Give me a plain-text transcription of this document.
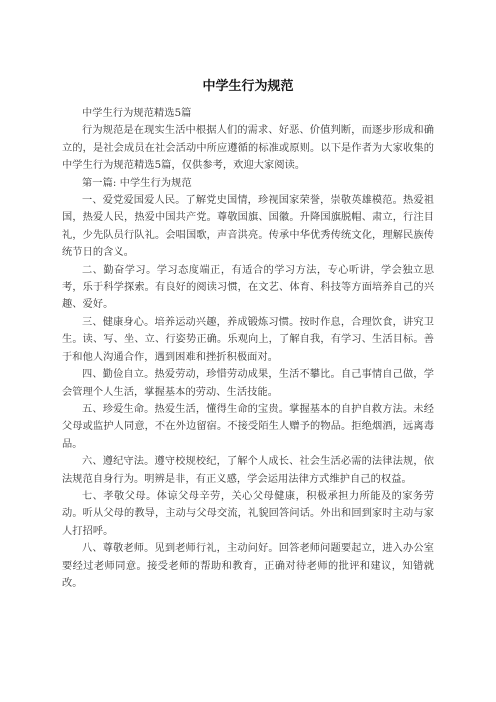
中学生行为规范

中学生行为规范精选5篇

行为规范是在现实生活中根据人们的需求、好恶、价值判断，而逐步形成和确立的，是社会成员在社会活动中所应遵循的标准或原则。以下是作者为大家收集的中学生行为规范精选5篇，仅供参考，欢迎大家阅读。

第一篇: 中学生行为规范

一、爱党爱国爱人民。了解党史国情，珍视国家荣誉，崇敬英雄模范。热爱祖国，热爱人民，热爱中国共产党。尊敬国旗、国徽。升降国旗脱帽、肃立，行注目礼，少先队员行队礼。会唱国歌，声音洪亮。传承中华优秀传统文化，理解民族传统节日的含义。

二、勤奋学习。学习态度端正，有适合的学习方法，专心听讲，学会独立思考，乐于科学探索。有良好的阅读习惯，在文艺、体育、科技等方面培养自己的兴趣、爱好。

三、健康身心。培养运动兴趣，养成锻炼习惯。按时作息，合理饮食，讲究卫生。读、写、坐、立、行姿势正确。乐观向上，了解自我，有学习、生活目标。善于和他人沟通合作，遇到困难和挫折积极面对。

四、勤俭自立。热爱劳动，珍惜劳动成果，生活不攀比。自己事情自己做，学会管理个人生活，掌握基本的劳动、生活技能。

五、珍爱生命。热爱生活，懂得生命的宝贵。掌握基本的自护自救方法。未经父母或监护人同意，不在外边留宿。不接受陌生人赠予的物品。拒绝烟酒，远离毒品。

六、遵纪守法。遵守校规校纪，了解个人成长、社会生活必需的法律法规，依法规范自身行为。明辨是非，有正义感，学会运用法律方式维护自己的权益。

七、孝敬父母。体谅父母辛劳，关心父母健康，积极承担力所能及的家务劳动。听从父母的教导，主动与父母交流，礼貌回答问话。外出和回到家时主动与家人打招呼。

八、尊敬老师。见到老师行礼，主动问好。回答老师问题要起立，进入办公室要经过老师同意。接受老师的帮助和教育，正确对待老师的批评和建议，知错就改。
